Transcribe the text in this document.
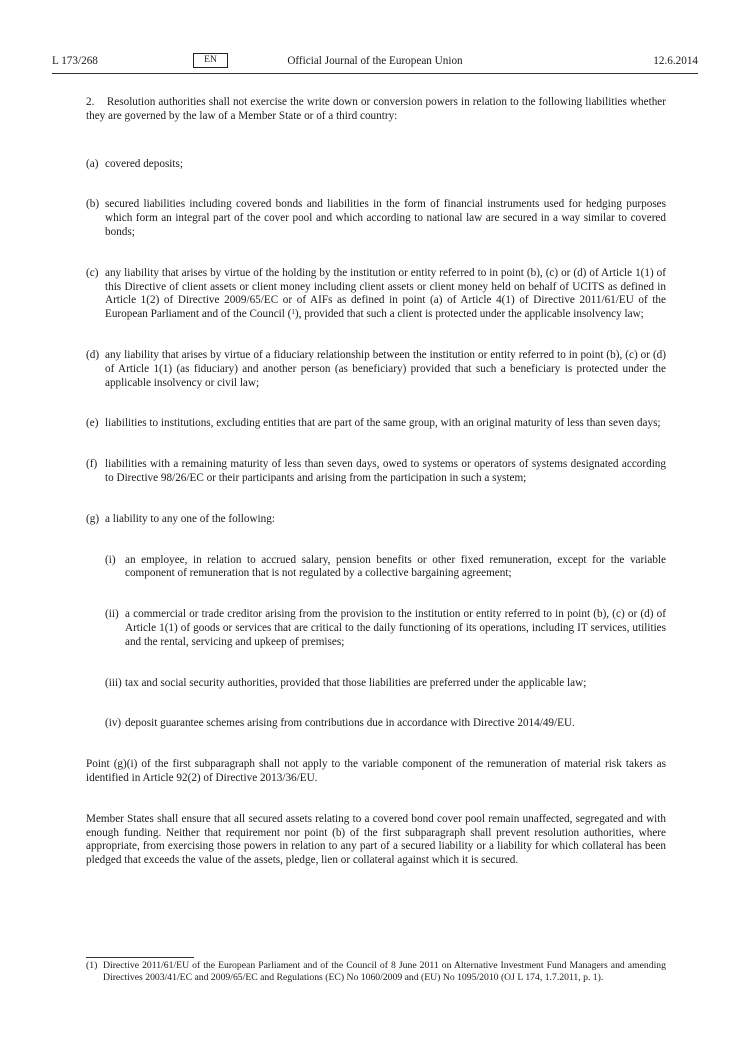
L 173/268	EN	Official Journal of the European Union	12.6.2014

2. Resolution authorities shall not exercise the write down or conversion powers in relation to the following liabilities whether they are governed by the law of a Member State or of a third country:

(a) covered deposits;
(b) secured liabilities including covered bonds and liabilities in the form of financial instruments used for hedging purposes which form an integral part of the cover pool and which according to national law are secured in a way similar to covered bonds;
(c) any liability that arises by virtue of the holding by the institution or entity referred to in point (b), (c) or (d) of Article 1(1) of this Directive of client assets or client money including client assets or client money held on behalf of UCITS as defined in Article 1(2) of Directive 2009/65/EC or of AIFs as defined in point (a) of Article 4(1) of Directive 2011/61/EU of the European Parliament and of the Council ($^1$), provided that such a client is protected under the applicable insolvency law;
(d) any liability that arises by virtue of a fiduciary relationship between the institution or entity referred to in point (b), (c) or (d) of Article 1(1) (as fiduciary) and another person (as beneficiary) provided that such a beneficiary is protected under the applicable insolvency or civil law;
(e) liabilities to institutions, excluding entities that are part of the same group, with an original maturity of less than seven days;
(f) liabilities with a remaining maturity of less than seven days, owed to systems or operators of systems designated according to Directive 98/26/EC or their participants and arising from the participation in such a system;
(g) a liability to any one of the following:
(i) an employee, in relation to accrued salary, pension benefits or other fixed remuneration, except for the variable component of remuneration that is not regulated by a collective bargaining agreement;
(ii) a commercial or trade creditor arising from the provision to the institution or entity referred to in point (b), (c) or (d) of Article 1(1) of goods or services that are critical to the daily functioning of its operations, including IT services, utilities and the rental, servicing and upkeep of premises;
(iii) tax and social security authorities, provided that those liabilities are preferred under the applicable law;
(iv) deposit guarantee schemes arising from contributions due in accordance with Directive 2014/49/EU.

Point (g)(i) of the first subparagraph shall not apply to the variable component of the remuneration of material risk takers as identified in Article 92(2) of Directive 2013/36/EU.

Member States shall ensure that all secured assets relating to a covered bond cover pool remain unaffected, segregated and with enough funding. Neither that requirement nor point (b) of the first subparagraph shall prevent resolution authorities, where appropriate, from exercising those powers in relation to any part of a secured liability or a liability for which collateral has been pledged that exceeds the value of the assets, pledge, lien or collateral against which it is secured.

(1) Directive 2011/61/EU of the European Parliament and of the Council of 8 June 2011 on Alternative Investment Fund Managers and amending Directives 2003/41/EC and 2009/65/EC and Regulations (EC) No 1060/2009 and (EU) No 1095/2010 (OJ L 174, 1.7.2011, p. 1).
